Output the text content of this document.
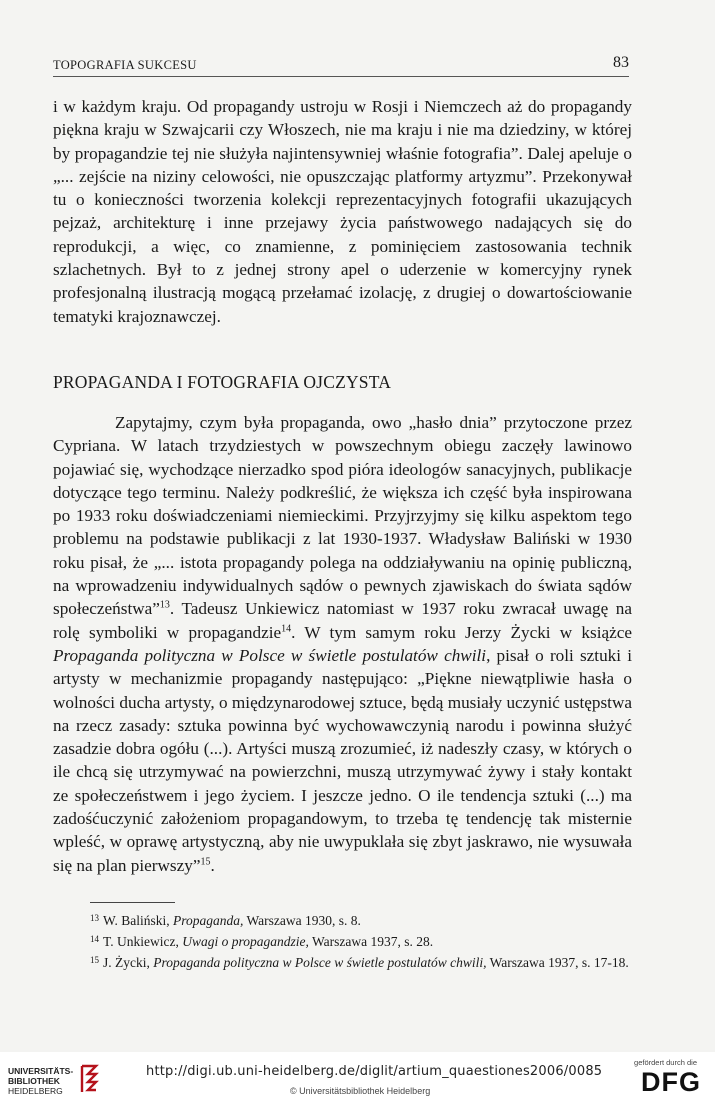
TOPOGRAFIA SUKCESU	83

i w każdym kraju. Od propagandy ustroju w Rosji i Niemczech aż do propagandy piękna kraju w Szwajcarii czy Włoszech, nie ma kraju i nie ma dziedziny, w której by propagandzie tej nie służyła najintensywniej właśnie fotografia”. Dalej apeluje o „... zejście na niziny celowości, nie opuszczając platformy artyzmu”. Przekonywał tu o konieczności tworzenia kolekcji reprezentacyjnych fotografii ukazujących pejzaż, architekturę i inne przejawy życia państwowego nadających się do reprodukcji, a więc, co znamienne, z pominięciem zastosowania technik szlachetnych. Był to z jednej strony apel o uderzenie w komercyjny rynek profesjonalną ilustracją mogącą przełamać izolację, z drugiej o dowartościowanie tematyki krajoznawczej.

PROPAGANDA I FOTOGRAFIA OJCZYSTA

Zapytajmy, czym była propaganda, owo „hasło dnia” przytoczone przez Cypriana. W latach trzydziestych w powszechnym obiegu zaczęły lawinowo pojawiać się, wychodzące nierzadko spod pióra ideologów sanacyjnych, publikacje dotyczące tego terminu. Należy podkreślić, że większa ich część była inspirowana po 1933 roku doświadczeniami niemieckimi. Przyjrzyjmy się kilku aspektom tego problemu na podstawie publikacji z lat 1930-1937. Władysław Baliński w 1930 roku pisał, że „... istota propagandy polega na oddziaływaniu na opinię publiczną, na wprowadzeniu indywidualnych sądów o pewnych zjawiskach do świata sądów społeczeństwa”$^{13}$. Tadeusz Unkiewicz natomiast w 1937 roku zwracał uwagę na rolę symboliki w propagandzie$^{14}$. W tym samym roku Jerzy Życki w książce Propaganda polityczna w Polsce w świetle postulatów chwili, pisał o roli sztuki i artysty w mechanizmie propagandy następująco: „Piękne niewątpliwie hasła o wolności ducha artysty, o międzynarodowej sztuce, będą musiały uczynić ustępstwa na rzecz zasady: sztuka powinna być wychowawczynią narodu i powinna służyć zasadzie dobra ogółu (...). Artyści muszą zrozumieć, iż nadeszły czasy, w których o ile chcą się utrzymywać na powierzchni, muszą utrzymywać żywy i stały kontakt ze społeczeństwem i jego życiem. I jeszcze jedno. O ile tendencja sztuki (...) ma zadośćuczynić założeniom propagandowym, to trzeba tę tendencję tak misternie wpleść, w oprawę artystyczną, aby nie uwypuklała się zbyt jaskrawo, nie wysuwała się na plan pierwszy”$^{15}$.

$^{13}$ W. Baliński, Propaganda, Warszawa 1930, s. 8.

$^{14}$ T. Unkiewicz, Uwagi o propagandzie, Warszawa 1937, s. 28.

$^{15}$ J. Życki, Propaganda polityczna w Polsce w świetle postulatów chwili, Warszawa 1937, s. 17-18.

UNIVERSITÄTS-
BIBLIOTHEK
HEIDELBERG
http://digi.ub.uni-heidelberg.de/diglit/artium_quaestiones2006/0085
© Universitätsbibliothek Heidelberg
gefördert durch die
DFG
